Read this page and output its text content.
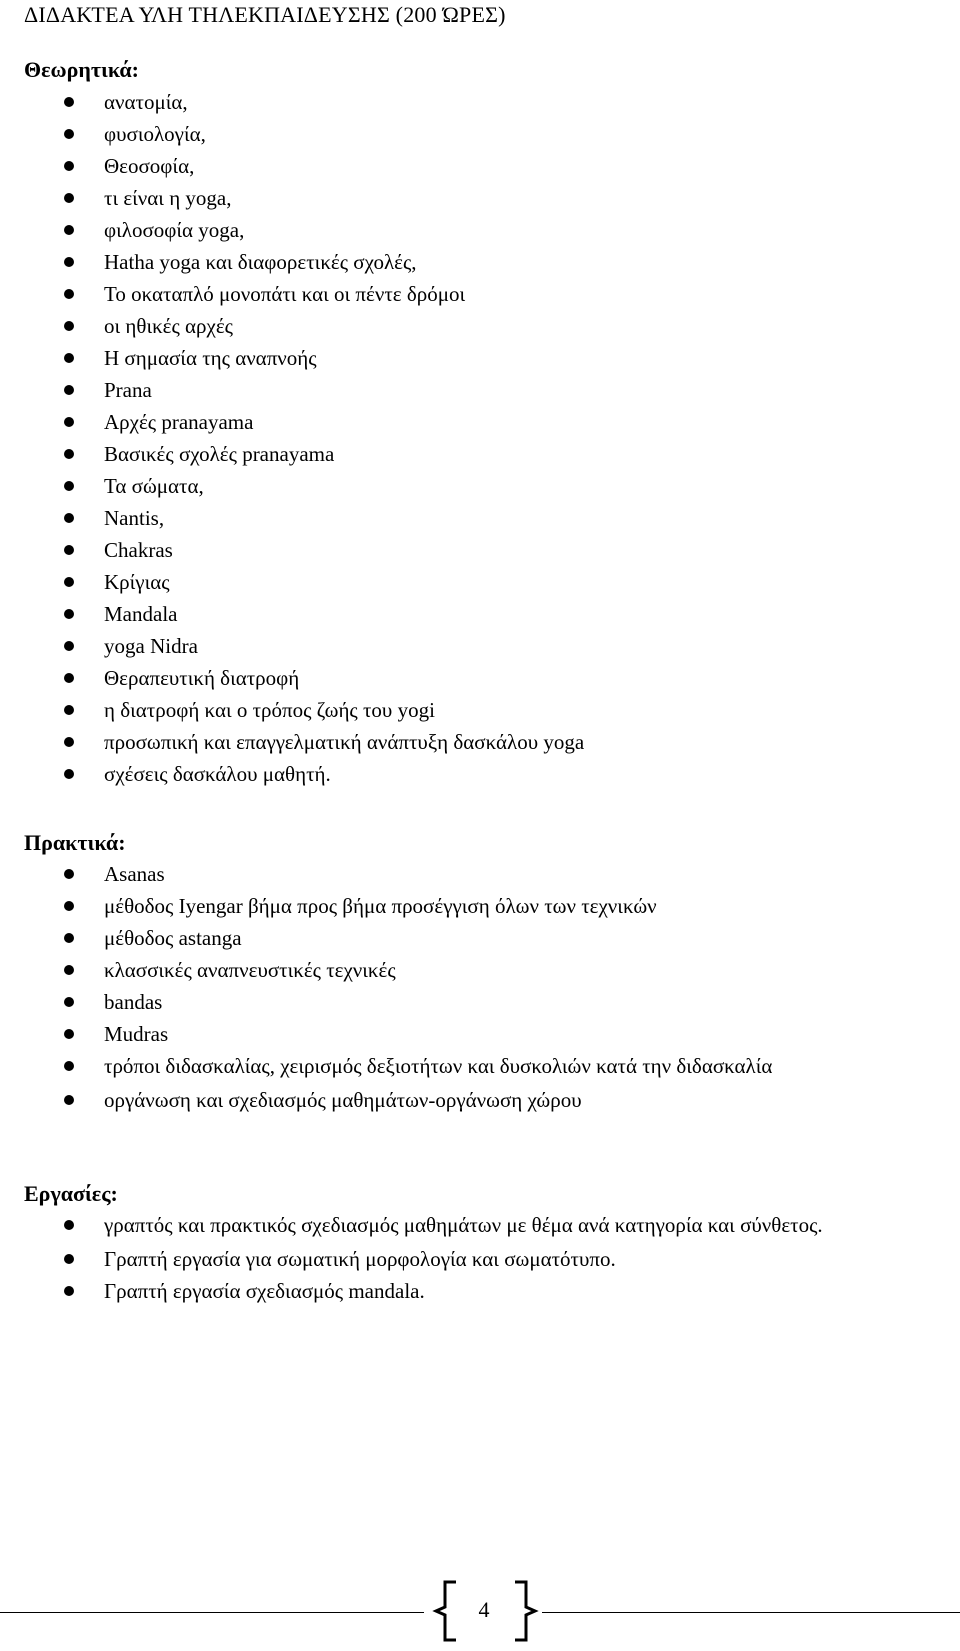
ΔΙΔΑΚΤΕΑ ΥΛΗ ΤΗΛΕΚΠΑΙΔΕΥΣΗΣ (200 ΏΡΕΣ)
Θεωρητικά:
ανατομία,
φυσιολογία,
Θεοσοφία,
τι είναι η yoga,
φιλοσοφία yoga,
Hatha yoga και διαφορετικές σχολές,
Το οκαταπλό μονοπάτι και οι πέντε δρόμοι
οι ηθικές αρχές
Η σημασία της αναπνοής
Prana
Αρχές pranayama
Βασικές σχολές pranayama
Τα σώματα,
Nantis,
Chakras
Κρίγιας
Mandala
yoga Nidra
Θεραπευτική διατροφή
η διατροφή και ο τρόπος ζωής του yogi
προσωπική και επαγγελματική ανάπτυξη δασκάλου yoga
σχέσεις δασκάλου μαθητή.
Πρακτικά:
Asanas
μέθοδος Iyengar βήμα προς βήμα προσέγγιση όλων των τεχνικών
μέθοδος astanga
κλασσικές αναπνευστικές τεχνικές
bandas
Mudras
τρόποι διδασκαλίας, χειρισμός δεξιοτήτων και δυσκολιών κατά την διδασκαλία
οργάνωση και σχεδιασμός μαθημάτων-οργάνωση χώρου
Εργασίες:
γραπτός και πρακτικός σχεδιασμός μαθημάτων με θέμα ανά κατηγορία και σύνθετος.
Γραπτή εργασία για σωματική μορφολογία και σωματότυπο.
Γραπτή εργασία σχεδιασμός mandala.
4
